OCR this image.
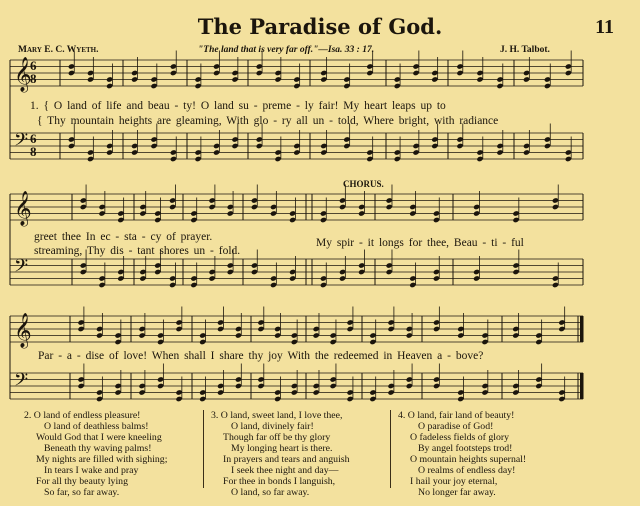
The Paradise of God.	11
Mary E. C. Wyeth.	"The land that is very far off."—Isa. 33 : 17.	J. H. Talbot.
𝄞
𝄢
𝄞
𝄢
𝄞
𝄢
6
8
6
8
1. { O land of life and beau - ty! O land su - preme - ly fair! My heart leaps up to
{ Thy mountain heights are gleaming, With glo - ry all un - told, Where bright, with radiance
CHORUS.
greet thee In ec - sta - cy of prayer.
streaming, Thy dis - tant shores un - fold.
My spir - it longs for thee, Beau - ti - ful
Par - a - dise of love! When shall I share thy joy With the redeemed in Heaven a - bove?
2. O land of endless pleasure!
O land of deathless balms!
Would God that I were kneeling
Beneath thy waving palms!
My nights are filled with sighing;
In tears I wake and pray
For all thy beauty lying
So far, so far away.
3. O land, sweet land, I love thee,
O land, divinely fair!
Though far off be thy glory
My longing heart is there.
In prayers and tears and anguish
I seek thee night and day—
For thee in bonds I languish,
O land, so far away.
4. O land, fair land of beauty!
O paradise of God!
O fadeless fields of glory
By angel footsteps trod!
O mountain heights supernal!
O realms of endless day!
I hail your joy eternal,
No longer far away.
